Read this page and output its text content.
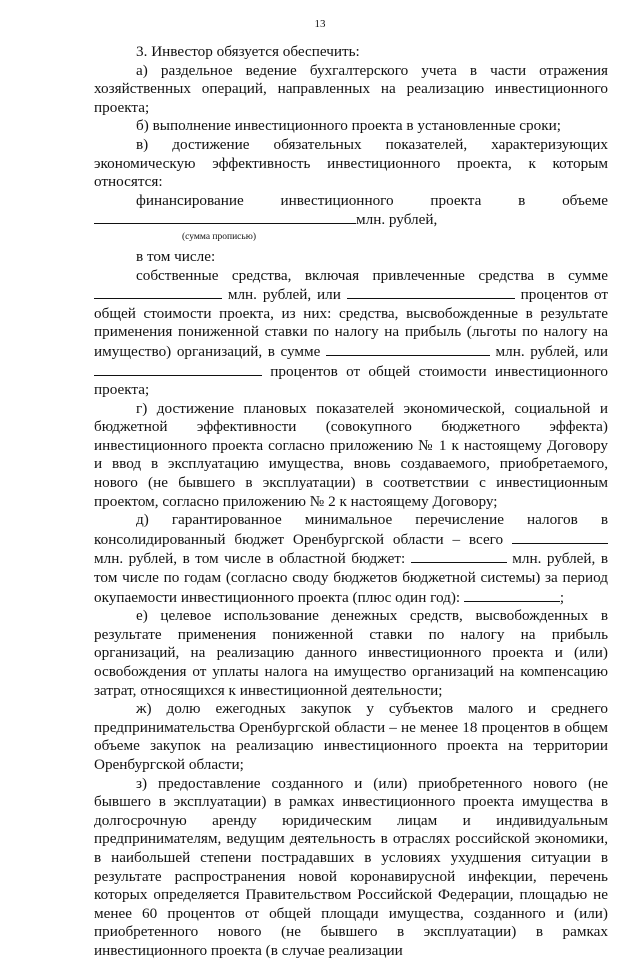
13

3. Инвестор обязуется обеспечить:

а) раздельное ведение бухгалтерского учета в части отражения хозяйственных операций, направленных на реализацию инвестиционного проекта;

б) выполнение инвестиционного проекта в установленные сроки;

в) достижение обязательных показателей, характеризующих экономическую эффективность инвестиционного проекта, к которым относятся:

финансирование инвестиционного проекта в объеме

млн. рублей,

(сумма прописью)

в том числе:

собственные средства, включая привлеченные средства в сумме  млн. рублей, или	процентов от общей стоимости проекта, из них: средства, высвобожденные в результате применения пониженной ставки по налогу на прибыль (льготы по налогу на имущество) организаций, в сумме	млн. рублей, или  процентов от общей стоимости инвестиционного проекта;

г) достижение плановых показателей экономической, социальной и бюджетной эффективности (совокупного бюджетного эффекта) инвестиционного проекта согласно приложению № 1 к настоящему Договору и ввод в эксплуатацию имущества, вновь создаваемого, приобретаемого, нового (не бывшего в эксплуатации) в соответствии с инвестиционным проектом, согласно приложению № 2 к настоящему Договору;

д) гарантированное минимальное перечисление налогов в консолидированный бюджет Оренбургской области – всего  млн. рублей, в том числе в областной бюджет:	млн. рублей, в том числе по годам (согласно своду бюджетов бюджетной системы) за период окупаемости инвестиционного проекта (плюс один год):	;

е) целевое использование денежных средств, высвобожденных в результате применения пониженной ставки по налогу на прибыль организаций, на реализацию данного инвестиционного проекта и (или) освобождения от уплаты налога на имущество организаций на компенсацию затрат, относящихся к инвестиционной деятельности;

ж) долю ежегодных закупок у субъектов малого и среднего предпринимательства Оренбургской области – не менее 18 процентов в общем объеме закупок на реализацию инвестиционного проекта на территории Оренбургской области;

з) предоставление созданного и (или) приобретенного нового (не бывшего в эксплуатации) в рамках инвестиционного проекта имущества в долгосрочную аренду юридическим лицам и индивидуальным предпринимателям, ведущим деятельность в отраслях российской экономики, в наибольшей степени пострадавших в условиях ухудшения ситуации в результате распространения новой коронавирусной инфекции, перечень которых определяется Правительством Российской Федерации, площадью не менее 60 процентов от общей площади имущества, созданного и (или) приобретенного нового (не бывшего в эксплуатации) в рамках инвестиционного проекта (в случае реализации
